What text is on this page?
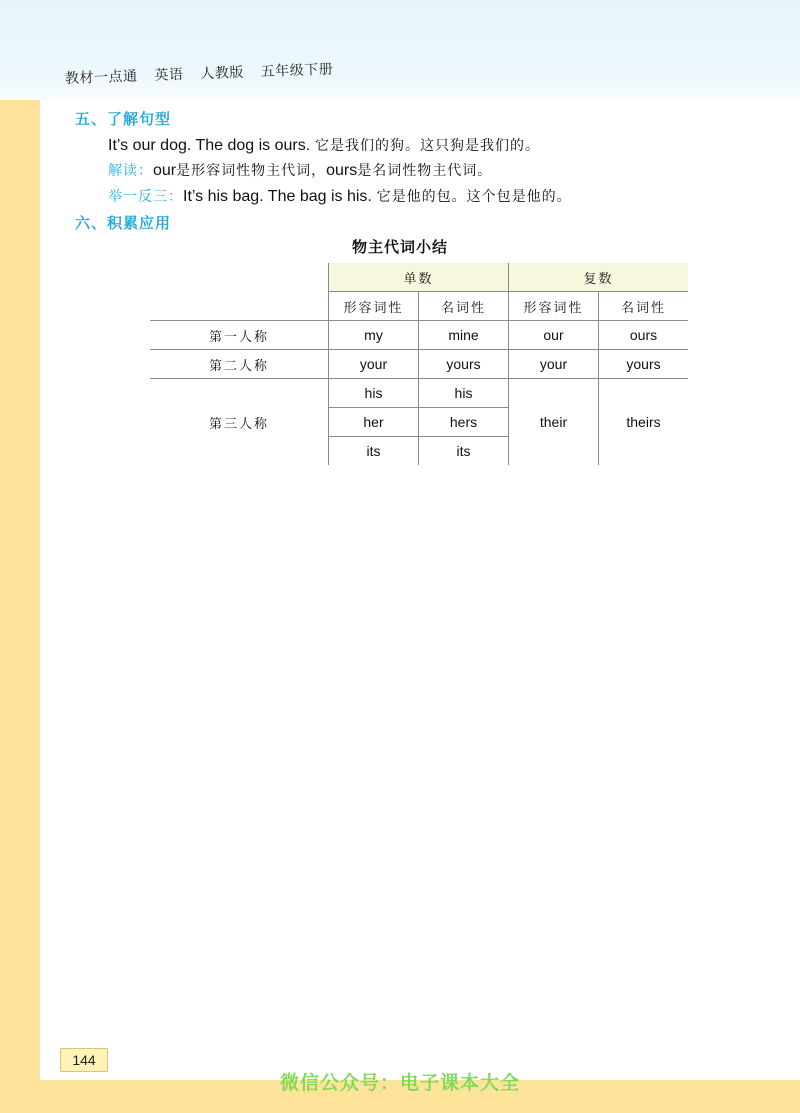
教材一点通 英语 人教版 五年级下册
五、了解句型
It’s our dog. The dog is ours. 它是我们的狗。这只狗是我们的。
解读：our是形容词性物主代词，ours是名词性物主代词。
举一反三：It’s his bag. The bag is his. 它是他的包。这个包是他的。
六、积累应用
物主代词小结
	单数		复数	
	形容词性	名词性	形容词性	名词性
第一人称	my	mine	our	ours
第二人称	your	yours	your	yours
第三人称	his	his	their	theirs
	her	hers		
	its	its		
144
微信公众号：电子课本大全
